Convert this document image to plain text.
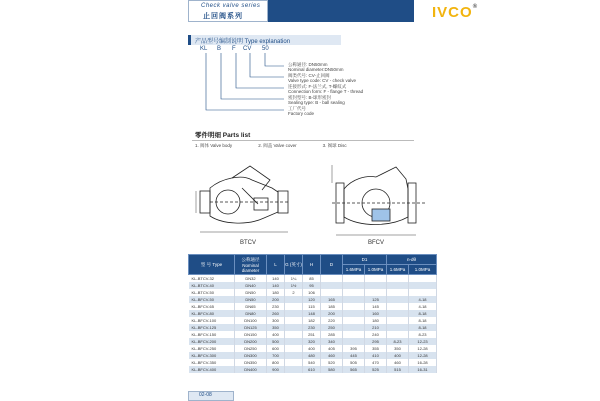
Check valve series
止回阀系列	IVCO®
产品型号编制说明 Type explanation
KL B F CV 50
公称通径: DN50mm
Nominal diameter:DN50mm
阀类代号: CV-止回阀
Valve type code: CV - check valve
连接形式: F-法兰式, T-螺纹式
Connection form: F - flange T - thread
密封型号: B-球形密封
Sealing type: B - ball sealing
工厂代号
Factory code
零件明细 Parts list
1. 阀体 Valve body	2. 阀盖 Valve cover	3. 阀球 Disc
BTCV	BFCV
型 号 Type	公称通径 Nominal diameter	L	G (英寸)	H	D	D1		n-dθ	
						1.6MPa	1.0MPa	1.6MPa	1.0MPa
KL-BTCV-32	DN32	140	1¼	85					
KL-BTCV-40	DN40	140	1½	95					
KL-BTCV-50	DN50	180	2	106					
KL-BFCV-50	DN50	200		120	165		125		4-18
KL-BFCV-65	DN65	230		115	185		145		4-18
KL-BFCV-80	DN80	260		148	200		160		8-18
KL-BFCV-100	DN100	300		182	220		180		8-18
KL-BFCV-125	DN125	350		230	250		210		8-18
KL-BFCV-150	DN150	400		251	285		240		8-23
KL-BFCV-200	DN200	500		320	340		295	8-23	12-23
KL-BFCV-250	DN250	600		400	405	395	355	350	12-28
KL-BFCV-300	DN300	700		480	460	445	410	400	12-28
KL-BFCV-350	DN350	800		540	520	505	470	460	16-28
KL-BFCV-400	DN400	900		610	580	565	525	515	16-31
02-08
